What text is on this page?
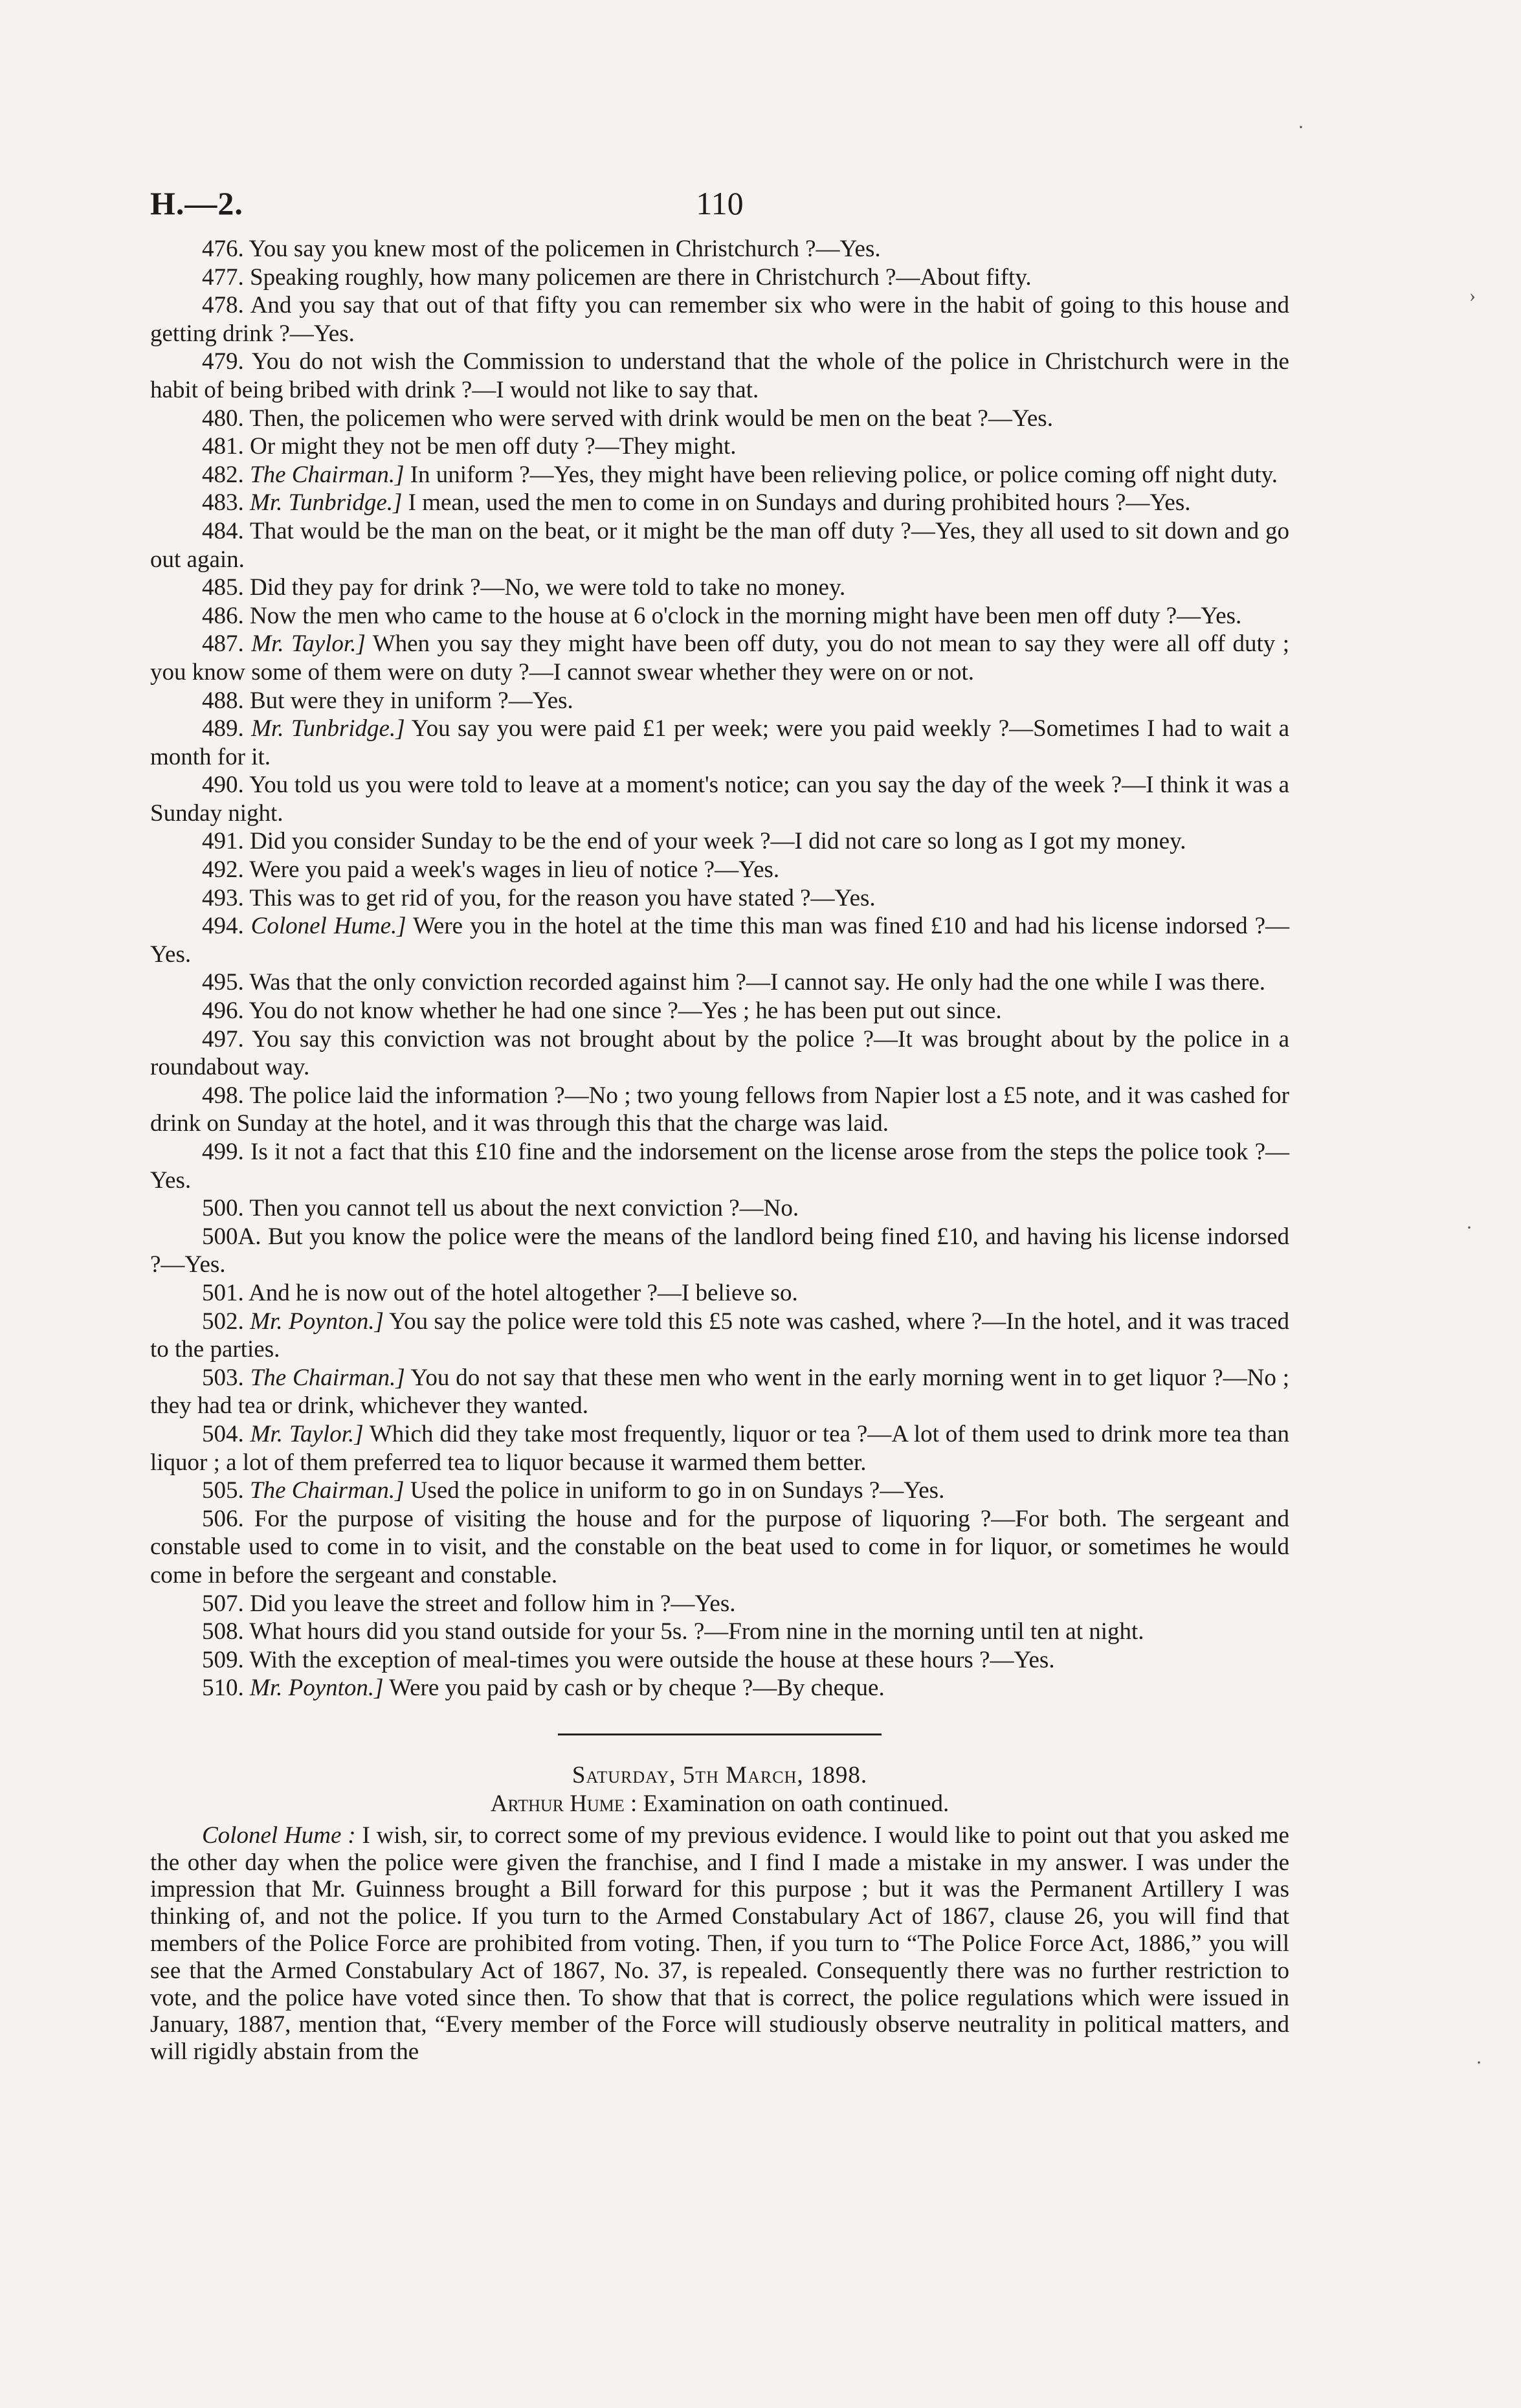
H.—2.	110

476. You say you knew most of the policemen in Christchurch ?—Yes.

477. Speaking roughly, how many policemen are there in Christchurch ?—About fifty.

478. And you say that out of that fifty you can remember six who were in the habit of going to this house and getting drink ?—Yes.

479. You do not wish the Commission to understand that the whole of the police in Christchurch were in the habit of being bribed with drink ?—I would not like to say that.

480. Then, the policemen who were served with drink would be men on the beat ?—Yes.

481. Or might they not be men off duty ?—They might.

482. The Chairman.] In uniform ?—Yes, they might have been relieving police, or police coming off night duty.

483. Mr. Tunbridge.] I mean, used the men to come in on Sundays and during prohibited hours ?—Yes.

484. That would be the man on the beat, or it might be the man off duty ?—Yes, they all used to sit down and go out again.

485. Did they pay for drink ?—No, we were told to take no money.

486. Now the men who came to the house at 6 o'clock in the morning might have been men off duty ?—Yes.

487. Mr. Taylor.] When you say they might have been off duty, you do not mean to say they were all off duty ; you know some of them were on duty ?—I cannot swear whether they were on or not.

488. But were they in uniform ?—Yes.

489. Mr. Tunbridge.] You say you were paid £1 per week; were you paid weekly ?—Sometimes I had to wait a month for it.

490. You told us you were told to leave at a moment's notice; can you say the day of the week ?—I think it was a Sunday night.

491. Did you consider Sunday to be the end of your week ?—I did not care so long as I got my money.

492. Were you paid a week's wages in lieu of notice ?—Yes.

493. This was to get rid of you, for the reason you have stated ?—Yes.

494. Colonel Hume.] Were you in the hotel at the time this man was fined £10 and had his license indorsed ?—Yes.

495. Was that the only conviction recorded against him ?—I cannot say. He only had the one while I was there.

496. You do not know whether he had one since ?—Yes ; he has been put out since.

497. You say this conviction was not brought about by the police ?—It was brought about by the police in a roundabout way.

498. The police laid the information ?—No ; two young fellows from Napier lost a £5 note, and it was cashed for drink on Sunday at the hotel, and it was through this that the charge was laid.

499. Is it not a fact that this £10 fine and the indorsement on the license arose from the steps the police took ?—Yes.

500. Then you cannot tell us about the next conviction ?—No.

500A. But you know the police were the means of the landlord being fined £10, and having his license indorsed ?—Yes.

501. And he is now out of the hotel altogether ?—I believe so.

502. Mr. Poynton.] You say the police were told this £5 note was cashed, where ?—In the hotel, and it was traced to the parties.

503. The Chairman.] You do not say that these men who went in the early morning went in to get liquor ?—No ; they had tea or drink, whichever they wanted.

504. Mr. Taylor.] Which did they take most frequently, liquor or tea ?—A lot of them used to drink more tea than liquor ; a lot of them preferred tea to liquor because it warmed them better.

505. The Chairman.] Used the police in uniform to go in on Sundays ?—Yes.

506. For the purpose of visiting the house and for the purpose of liquoring ?—For both. The sergeant and constable used to come in to visit, and the constable on the beat used to come in for liquor, or sometimes he would come in before the sergeant and constable.

507. Did you leave the street and follow him in ?—Yes.

508. What hours did you stand outside for your 5s. ?—From nine in the morning until ten at night.

509. With the exception of meal-times you were outside the house at these hours ?—Yes.

510. Mr. Poynton.] Were you paid by cash or by cheque ?—By cheque.

Saturday, 5th March, 1898.
Arthur Hume : Examination on oath continued.

Colonel Hume : I wish, sir, to correct some of my previous evidence. I would like to point out that you asked me the other day when the police were given the franchise, and I find I made a mistake in my answer. I was under the impression that Mr. Guinness brought a Bill forward for this purpose ; but it was the Permanent Artillery I was thinking of, and not the police. If you turn to the Armed Constabulary Act of 1867, clause 26, you will find that members of the Police Force are prohibited from voting. Then, if you turn to “The Police Force Act, 1886,” you will see that the Armed Constabulary Act of 1867, No. 37, is repealed. Consequently there was no further restriction to vote, and the police have voted since then. To show that that is correct, the police regulations which were issued in January, 1887, mention that, “Every member of the Force will studiously observe neutrality in political matters, and will rigidly abstain from the

·
›
·
·
